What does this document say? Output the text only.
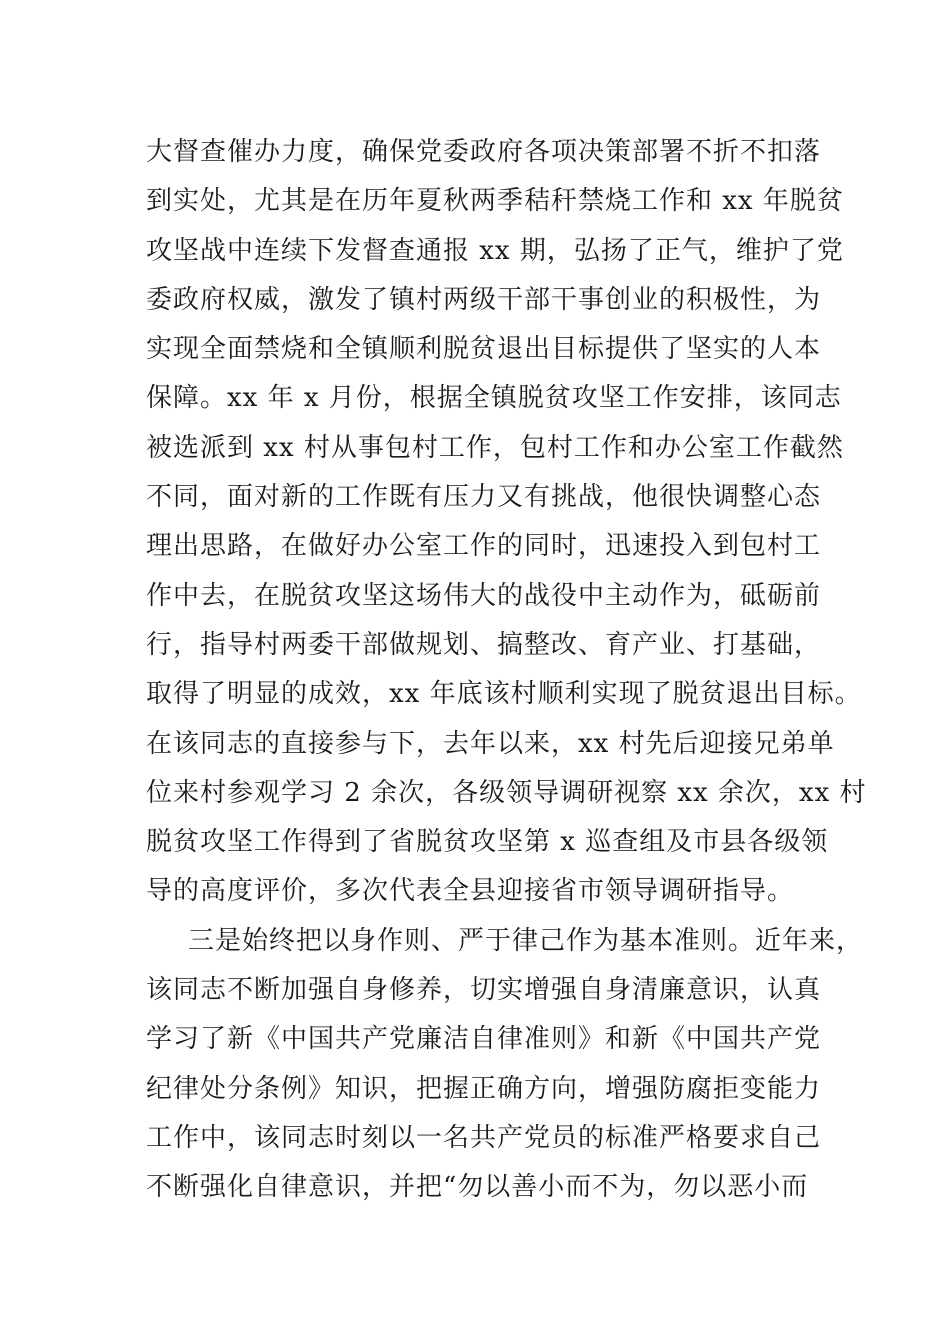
大督查催办力度，确保党委政府各项决策部署不折不扣落
到实处，尤其是在历年夏秋两季秸秆禁烧工作和 xx 年脱贫
攻坚战中连续下发督查通报 xx 期，弘扬了正气，维护了党
委政府权威，激发了镇村两级干部干事创业的积极性，为
实现全面禁烧和全镇顺利脱贫退出目标提供了坚实的人本
保障。xx 年 x 月份，根据全镇脱贫攻坚工作安排，该同志
被选派到 xx 村从事包村工作，包村工作和办公室工作截然
不同，面对新的工作既有压力又有挑战，他很快调整心态
理出思路，在做好办公室工作的同时，迅速投入到包村工
作中去，在脱贫攻坚这场伟大的战役中主动作为，砥砺前
行，指导村两委干部做规划、搞整改、育产业、打基础，
取得了明显的成效，xx 年底该村顺利实现了脱贫退出目标。
在该同志的直接参与下，去年以来，xx 村先后迎接兄弟单
位来村参观学习 2 余次，各级领导调研视察 xx 余次，xx 村
脱贫攻坚工作得到了省脱贫攻坚第 x 巡查组及市县各级领
导的高度评价，多次代表全县迎接省市领导调研指导。
三是始终把以身作则、严于律己作为基本准则。近年来，
该同志不断加强自身修养，切实增强自身清廉意识，认真
学习了新《中国共产党廉洁自律准则》和新《中国共产党
纪律处分条例》知识，把握正确方向，增强防腐拒变能力
工作中，该同志时刻以一名共产党员的标准严格要求自己
不断强化自律意识，并把“勿以善小而不为，勿以恶小而
